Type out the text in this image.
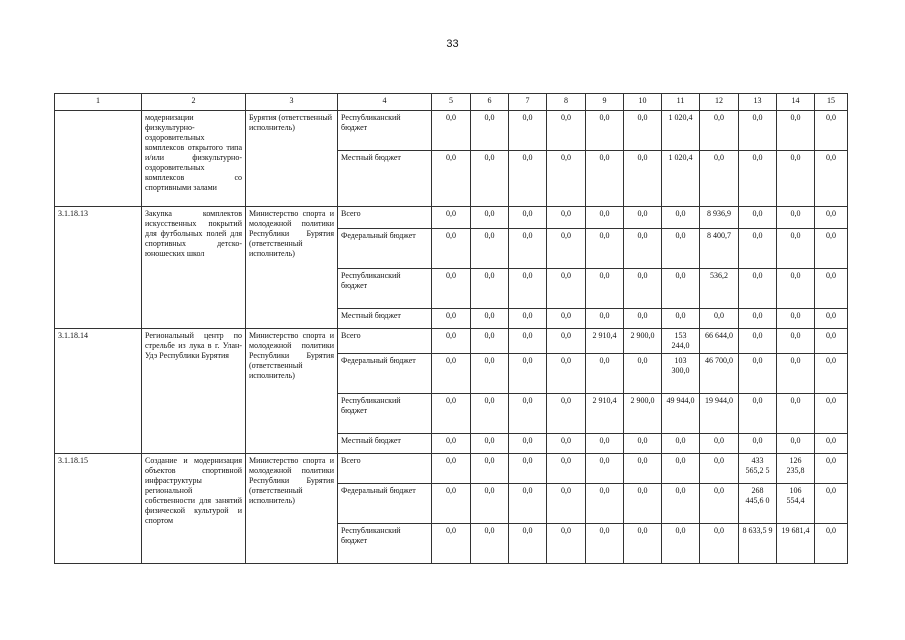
33
1	2	3	4	5	6	7	8	9	10	11	12	13	14	15
	модернизации физкультурно-оздоровительных комплексов открытого типа и/или физкультурно-оздоровительных комплексов со спортивными залами	Бурятия (ответственный исполнитель)	Республиканский бюджет	0,0	0,0	0,0	0,0	0,0	0,0	1 020,4	0,0	0,0	0,0	0,0
			Местный бюджет	0,0	0,0	0,0	0,0	0,0	0,0	1 020,4	0,0	0,0	0,0	0,0
3.1.18.13	Закупка комплектов искусственных покрытий для футбольных полей для спортивных детско-юношеских школ	Министерство спорта и молодежной политики Республики Бурятия (ответственный исполнитель)	Всего	0,0	0,0	0,0	0,0	0,0	0,0	0,0	8 936,9	0,0	0,0	0,0
			Федеральный бюджет	0,0	0,0	0,0	0,0	0,0	0,0	0,0	8 400,7	0,0	0,0	0,0
			Республиканский бюджет	0,0	0,0	0,0	0,0	0,0	0,0	0,0	536,2	0,0	0,0	0,0
			Местный бюджет	0,0	0,0	0,0	0,0	0,0	0,0	0,0	0,0	0,0	0,0	0,0
3.1.18.14	Региональный центр по стрельбе из лука в г. Улан-Удэ Республики Бурятия	Министерство спорта и молодежной политики Республики Бурятия (ответственный исполнитель)	Всего	0,0	0,0	0,0	0,0	2 910,4	2 900,0	153 244,0	66 644,0	0,0	0,0	0,0
			Федеральный бюджет	0,0	0,0	0,0	0,0	0,0	0,0	103 300,0	46 700,0	0,0	0,0	0,0
			Республиканский бюджет	0,0	0,0	0,0	0,0	2 910,4	2 900,0	49 944,0	19 944,0	0,0	0,0	0,0
			Местный бюджет	0,0	0,0	0,0	0,0	0,0	0,0	0,0	0,0	0,0	0,0	0,0
3.1.18.15	Создание и модернизация объектов спортивной инфраструктуры региональной собственности для занятий физической культурой и спортом	Министерство спорта и молодежной политики Республики Бурятия (ответственный исполнитель)	Всего	0,0	0,0	0,0	0,0	0,0	0,0	0,0	0,0	433 565,2 5	126 235,8	0,0
			Федеральный бюджет	0,0	0,0	0,0	0,0	0,0	0,0	0,0	0,0	268 445,6 0	106 554,4	0,0
			Республиканский бюджет	0,0	0,0	0,0	0,0	0,0	0,0	0,0	0,0	8 633,5 9	19 681,4	0,0
